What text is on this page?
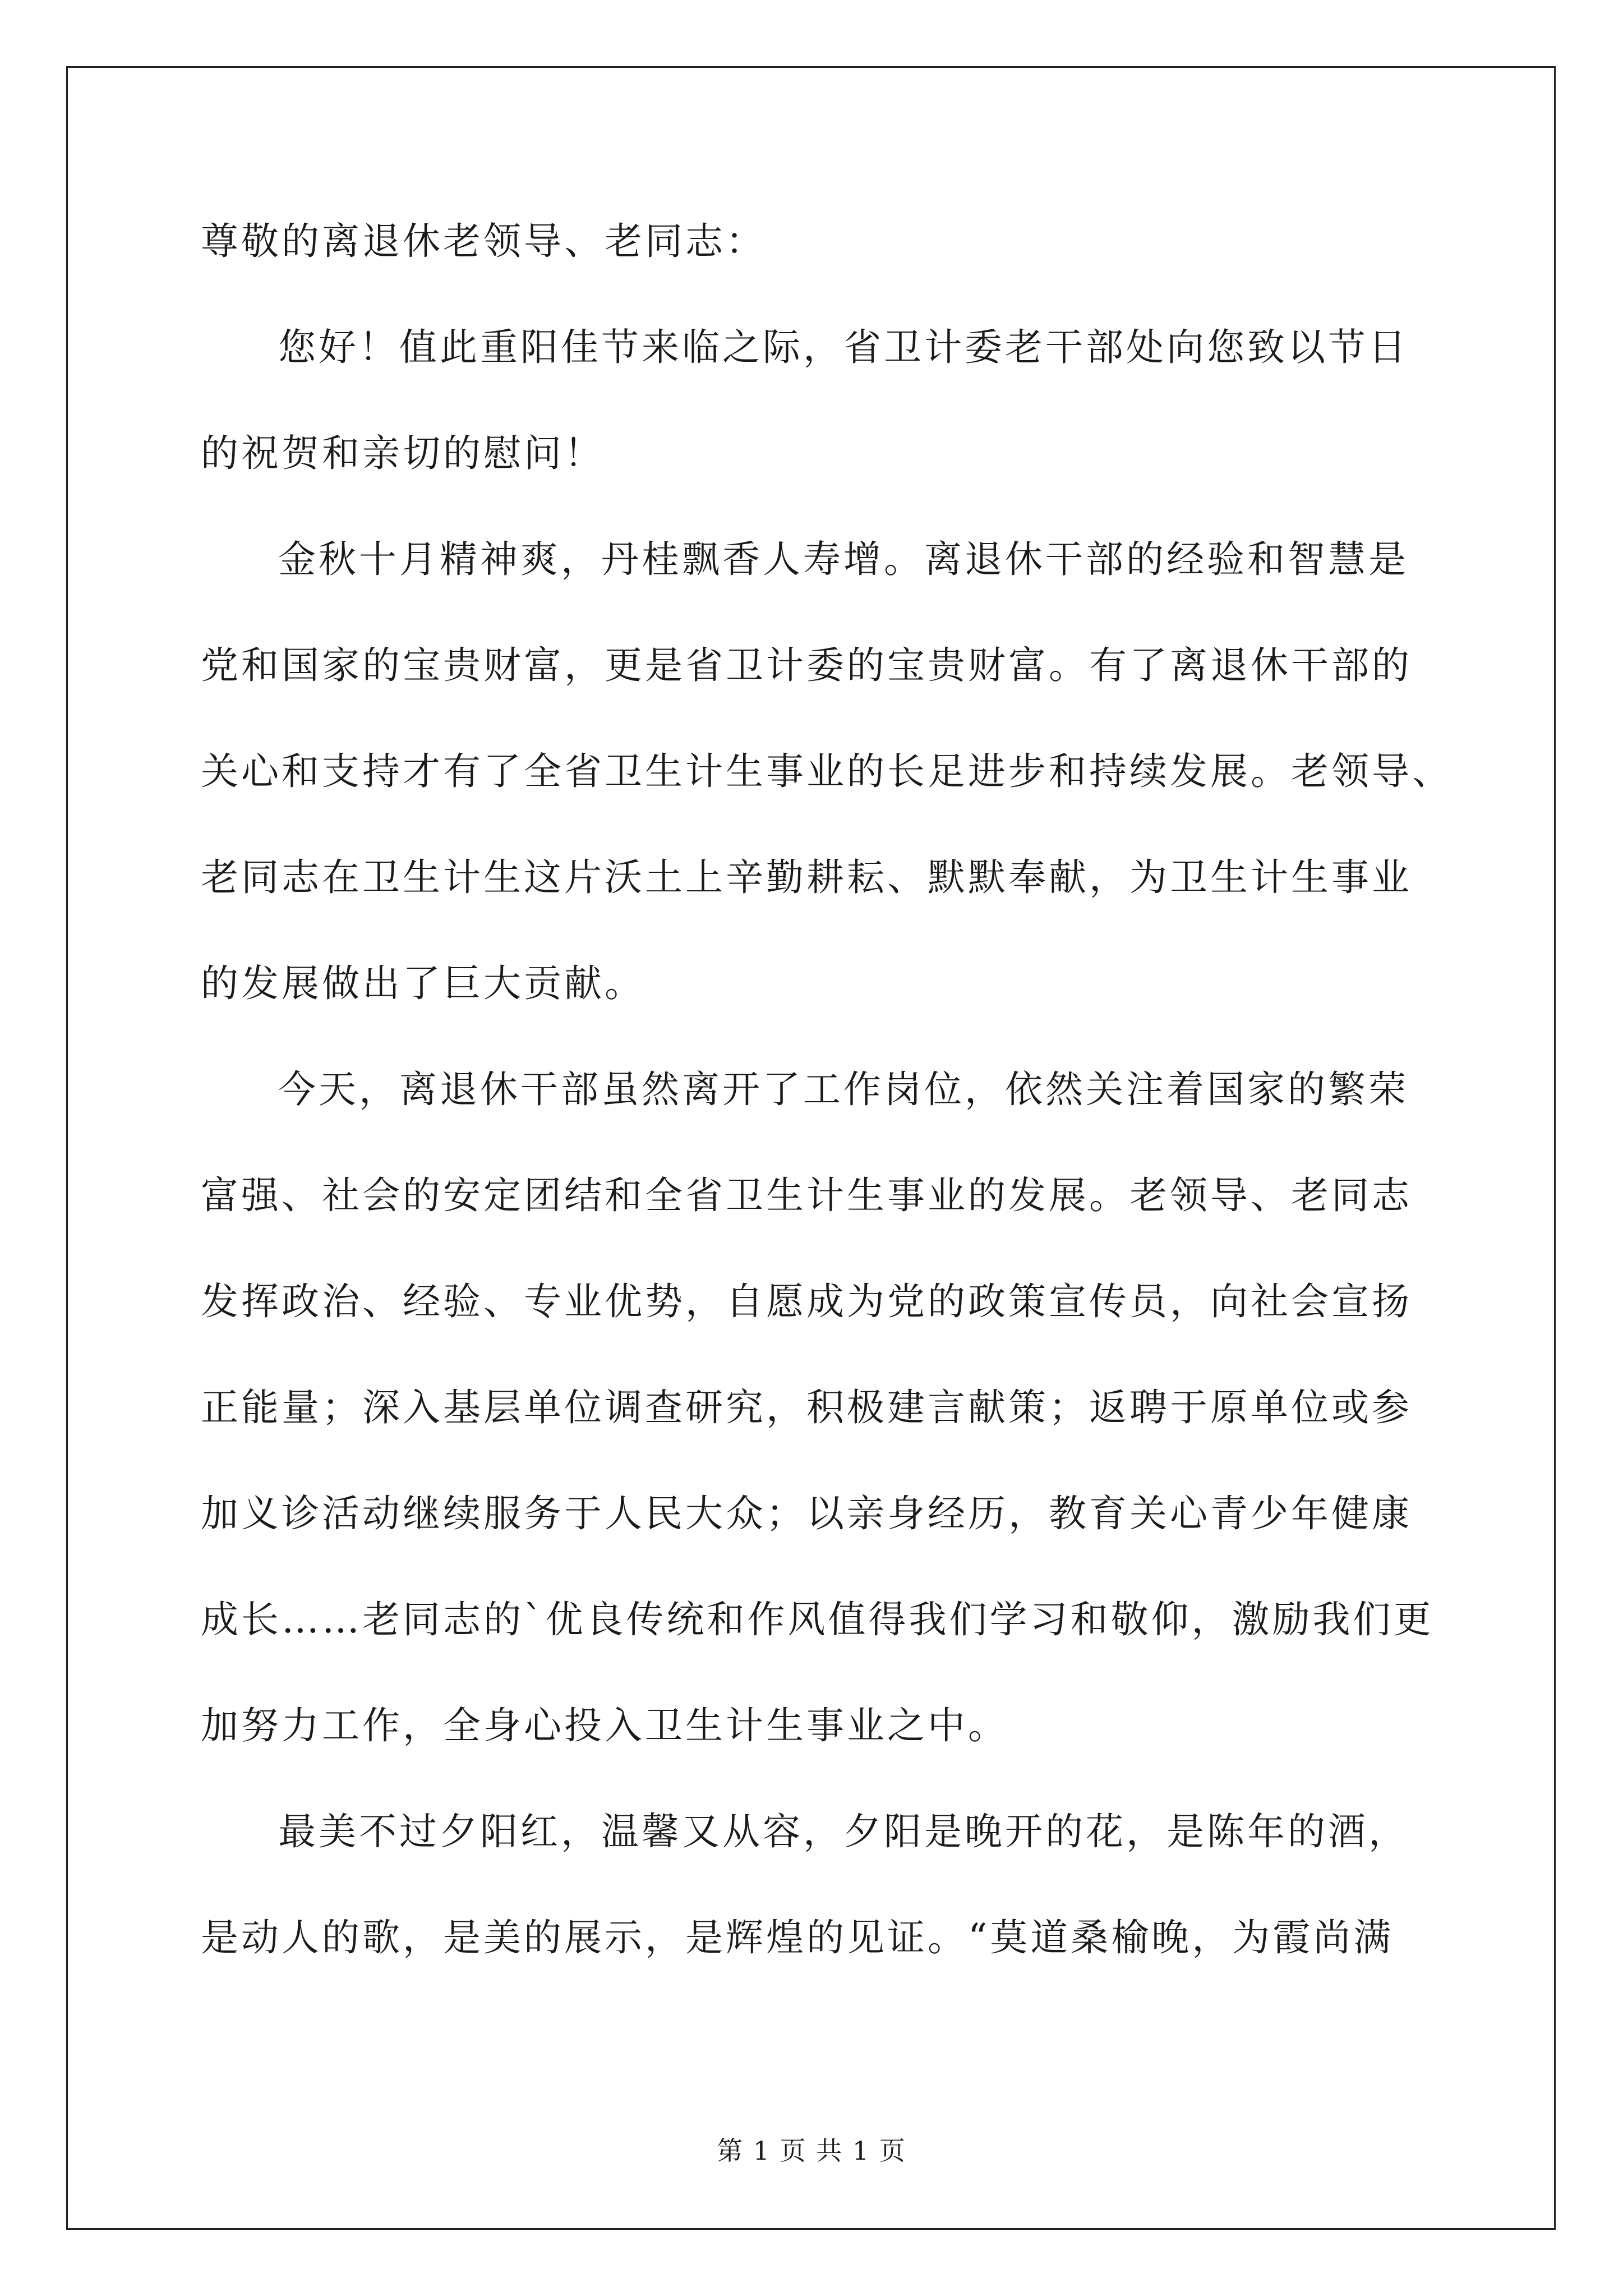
尊敬的离退休老领导、老同志：
您好！值此重阳佳节来临之际，省卫计委老干部处向您致以节日
的祝贺和亲切的慰问！
金秋十月精神爽，丹桂飘香人寿增。离退休干部的经验和智慧是
党和国家的宝贵财富，更是省卫计委的宝贵财富。有了离退休干部的
关心和支持才有了全省卫生计生事业的长足进步和持续发展。老领导、
老同志在卫生计生这片沃土上辛勤耕耘、默默奉献，为卫生计生事业
的发展做出了巨大贡献。
今天，离退休干部虽然离开了工作岗位，依然关注着国家的繁荣
富强、社会的安定团结和全省卫生计生事业的发展。老领导、老同志
发挥政治、经验、专业优势，自愿成为党的政策宣传员，向社会宣扬
正能量；深入基层单位调查研究，积极建言献策；返聘于原单位或参
加义诊活动继续服务于人民大众；以亲身经历，教育关心青少年健康
成长……老同志的`优良传统和作风值得我们学习和敬仰，激励我们更
加努力工作，全身心投入卫生计生事业之中。
最美不过夕阳红，温馨又从容，夕阳是晚开的花，是陈年的酒，
是动人的歌，是美的展示，是辉煌的见证。“莫道桑榆晚，为霞尚满
第 1 页 共 1 页
